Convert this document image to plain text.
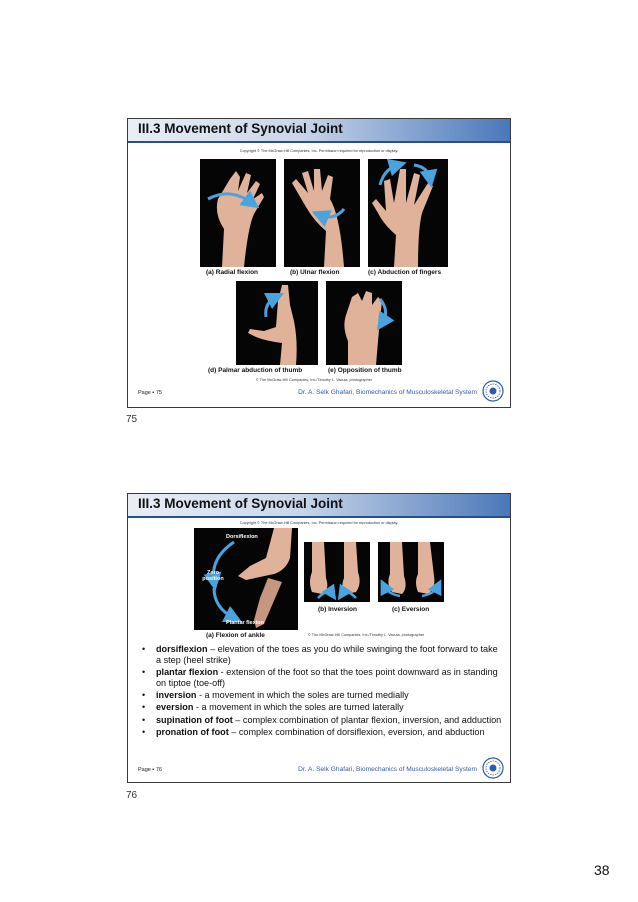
III.3 Movement of Synovial Joint
Copyright © The McGraw-Hill Companies, Inc. Permission required for reproduction or display.
(a) Radial flexion	(b) Ulnar flexion	(c) Abduction of fingers
(d) Palmar abduction of thumb	(e) Opposition of thumb
© The McGraw-Hill Companies, Inc./Timothy L. Vacula, photographer
Page ▪ 75	Dr. A. Selk Ghafari, Biomechanics of Musculoskeletal System
75
III.3 Movement of Synovial Joint
Copyright © The McGraw-Hill Companies, Inc. Permission required for reproduction or display.
Dorsiflexion
Zero position
Plantar flexion
(b) Inversion	(c) Eversion
(a) Flexion of ankle	© The McGraw-Hill Companies, Inc./Timothy L. Vacula, photographer
• dorsiflexion – elevation of the toes as you do while swinging the foot forward to take a step (heel strike)
• plantar flexion - extension of the foot so that the toes point downward as in standing on tiptoe (toe-off)
• inversion - a movement in which the soles are turned medially
• eversion - a movement in which the soles are turned laterally
• supination of foot – complex combination of plantar flexion, inversion, and adduction
• pronation of foot – complex combination of dorsiflexion, eversion, and abduction
Page ▪ 76	Dr. A. Selk Ghafari, Biomechanics of Musculoskeletal System
76
38
